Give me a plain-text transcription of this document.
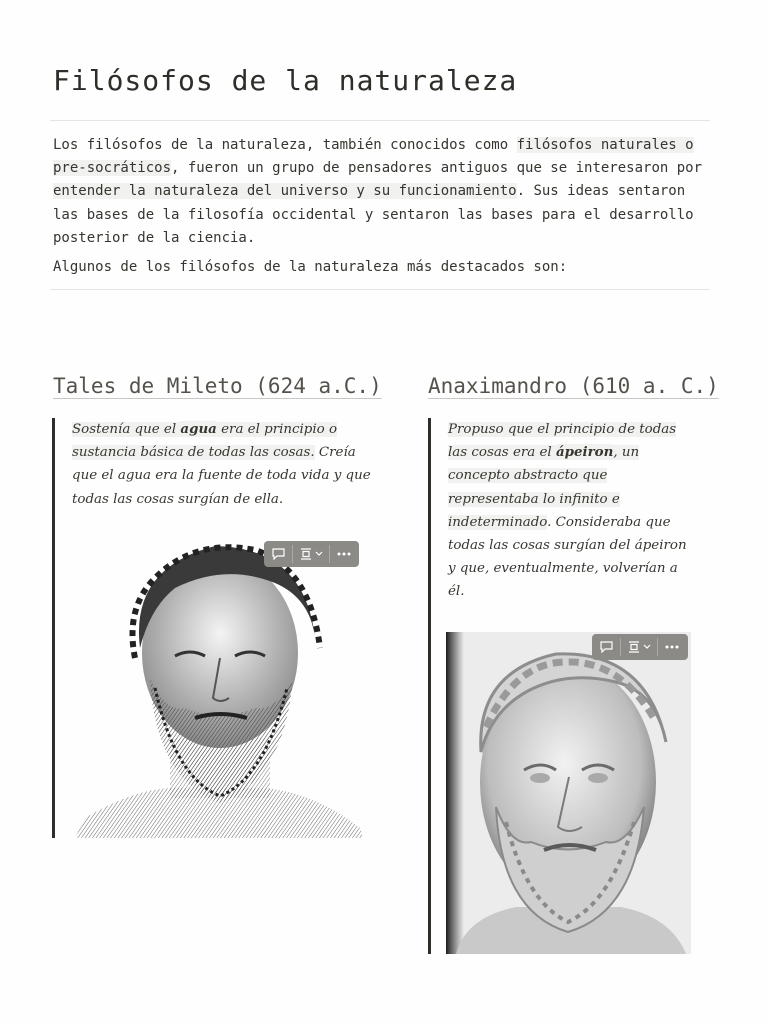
Filósofos de la naturaleza

Los filósofos de la naturaleza, también conocidos como filósofos naturales o pre-socráticos, fueron un grupo de pensadores antiguos que se interesaron por entender la naturaleza del universo y su funcionamiento. Sus ideas sentaron las bases de la filosofía occidental y sentaron las bases para el desarrollo posterior de la ciencia.

Algunos de los filósofos de la naturaleza más destacados son:
Tales de Mileto (624 a.C.)

Sostenía que el agua era el principio o sustancia básica de todas las cosas. Creía que el agua era la fuente de toda vida y que todas las cosas surgían de ella.

Anaximandro (610 a. C.)

Propuso que el principio de todas las cosas era el ápeiron, un concepto abstracto que representaba lo infinito e indeterminado. Consideraba que todas las cosas surgían del ápeiron y que, eventualmente, volverían a él.
